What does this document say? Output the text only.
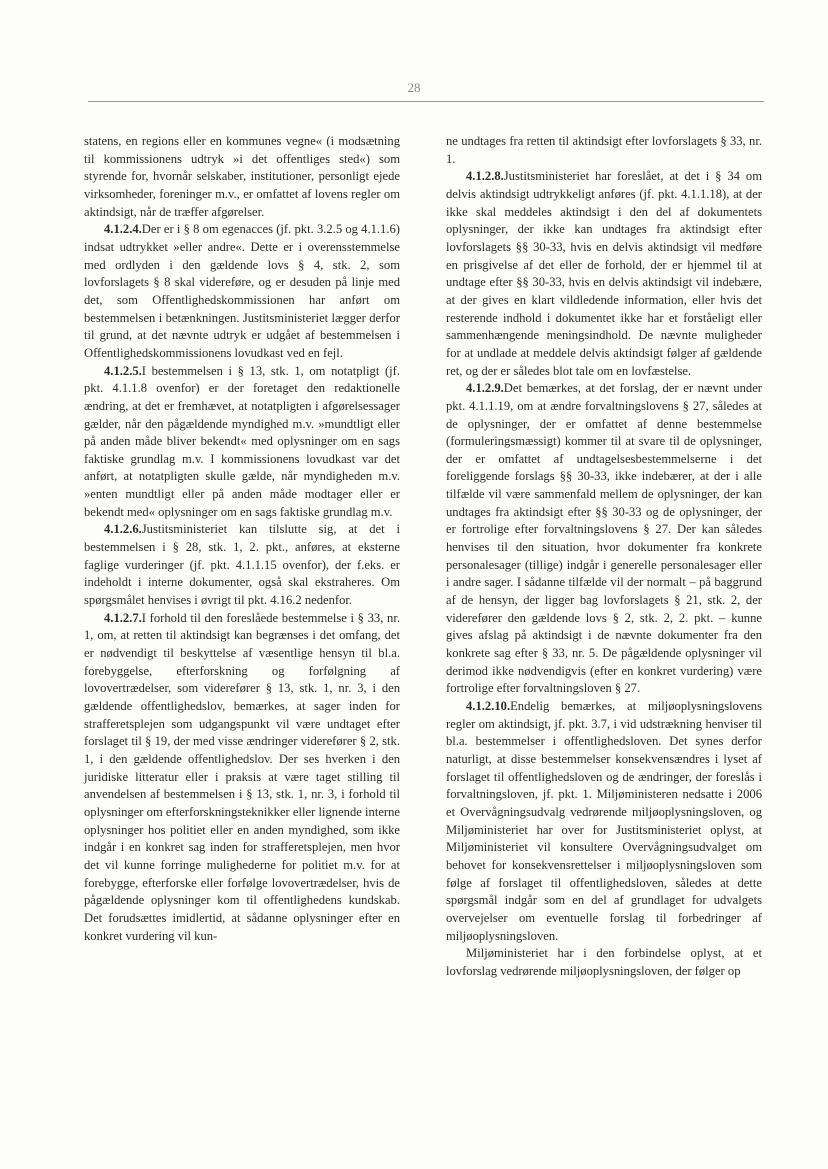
28

statens, en regions eller en kommunes vegne« (i modsætning til kommissionens udtryk »i det offentliges sted«) som styrende for, hvornår selskaber, institutioner, personligt ejede virksomheder, foreninger m.v., er omfattet af lovens regler om aktindsigt, når de træffer afgørelser.

4.1.2.4.Der er i § 8 om egenacces (jf. pkt. 3.2.5 og 4.1.1.6) indsat udtrykket »eller andre«. Dette er i overensstemmelse med ordlyden i den gældende lovs § 4, stk. 2, som lovforslagets § 8 skal videreføre, og er desuden på linje med det, som Offentlighedskommissionen har anført om bestemmelsen i betænkningen. Justitsministeriet lægger derfor til grund, at det nævnte udtryk er udgået af bestemmelsen i Offentlighedskommissionens lovudkast ved en fejl.

4.1.2.5.I bestemmelsen i § 13, stk. 1, om notatpligt (jf. pkt. 4.1.1.8 ovenfor) er der foretaget den redaktionelle ændring, at det er fremhævet, at notatpligten i afgørelsessager gælder, når den pågældende myndighed m.v. »mundtligt eller på anden måde bliver bekendt« med oplysninger om en sags faktiske grundlag m.v. I kommissionens lovudkast var det anført, at notatpligten skulle gælde, når myndigheden m.v. »enten mundtligt eller på anden måde modtager eller er bekendt med« oplysninger om en sags faktiske grundlag m.v.

4.1.2.6.Justitsministeriet kan tilslutte sig, at det i bestemmelsen i § 28, stk. 1, 2. pkt., anføres, at eksterne faglige vurderinger (jf. pkt. 4.1.1.15 ovenfor), der f.eks. er indeholdt i interne dokumenter, også skal ekstraheres. Om spørgsmålet henvises i øvrigt til pkt. 4.16.2 nedenfor.

4.1.2.7.I forhold til den foreslåede bestemmelse i § 33, nr. 1, om, at retten til aktindsigt kan begrænses i det omfang, det er nødvendigt til beskyttelse af væsentlige hensyn til bl.a. forebyggelse, efterforskning og forfølgning af lovovertrædelser, som viderefører § 13, stk. 1, nr. 3, i den gældende offentlighedslov, bemærkes, at sager inden for strafferetsplejen som udgangspunkt vil være undtaget efter forslaget til § 19, der med visse ændringer viderefører § 2, stk. 1, i den gældende offentlighedslov. Der ses hverken i den juridiske litteratur eller i praksis at være taget stilling til anvendelsen af bestemmelsen i § 13, stk. 1, nr. 3, i forhold til oplysninger om efterforskningsteknikker eller lignende interne oplysninger hos politiet eller en anden myndighed, som ikke indgår i en konkret sag inden for strafferetsplejen, men hvor det vil kunne forringe mulighederne for politiet m.v. for at forebygge, efterforske eller forfølge lovovertrædelser, hvis de pågældende oplysninger kom til offentlighedens kundskab. Det forudsættes imidlertid, at sådanne oplysninger efter en konkret vurdering vil kun-

ne undtages fra retten til aktindsigt efter lovforslagets § 33, nr. 1.

4.1.2.8.Justitsministeriet har foreslået, at det i § 34 om delvis aktindsigt udtrykkeligt anføres (jf. pkt. 4.1.1.18), at der ikke skal meddeles aktindsigt i den del af dokumentets oplysninger, der ikke kan undtages fra aktindsigt efter lovforslagets §§ 30-33, hvis en delvis aktindsigt vil medføre en prisgivelse af det eller de forhold, der er hjemmel til at undtage efter §§ 30-33, hvis en delvis aktindsigt vil indebære, at der gives en klart vildledende information, eller hvis det resterende indhold i dokumentet ikke har et forståeligt eller sammenhængende meningsindhold. De nævnte muligheder for at undlade at meddele delvis aktindsigt følger af gældende ret, og der er således blot tale om en lovfæstelse.

4.1.2.9.Det bemærkes, at det forslag, der er nævnt under pkt. 4.1.1.19, om at ændre forvaltningslovens § 27, således at de oplysninger, der er omfattet af denne bestemmelse (formuleringsmæssigt) kommer til at svare til de oplysninger, der er omfattet af undtagelsesbestemmelserne i det foreliggende forslags §§ 30-33, ikke indebærer, at der i alle tilfælde vil være sammenfald mellem de oplysninger, der kan undtages fra aktindsigt efter §§ 30-33 og de oplysninger, der er fortrolige efter forvaltningslovens § 27. Der kan således henvises til den situation, hvor dokumenter fra konkrete personalesager (tillige) indgår i generelle personalesager eller i andre sager. I sådanne tilfælde vil der normalt – på baggrund af de hensyn, der ligger bag lovforslagets § 21, stk. 2, der viderefører den gældende lovs § 2, stk. 2, 2. pkt. – kunne gives afslag på aktindsigt i de nævnte dokumenter fra den konkrete sag efter § 33, nr. 5. De pågældende oplysninger vil derimod ikke nødvendigvis (efter en konkret vurdering) være fortrolige efter forvaltningsloven § 27.

4.1.2.10.Endelig bemærkes, at miljøoplysningslovens regler om aktindsigt, jf. pkt. 3.7, i vid udstrækning henviser til bl.a. bestemmelser i offentlighedsloven. Det synes derfor naturligt, at disse bestemmelser konsekvensændres i lyset af forslaget til offentlighedsloven og de ændringer, der foreslås i forvaltningsloven, jf. pkt. 1. Miljøministeren nedsatte i 2006 et Overvågningsudvalg vedrørende miljøoplysningsloven, og Miljøministeriet har over for Justitsministeriet oplyst, at Miljøministeriet vil konsultere Overvågningsudvalget om behovet for konsekvensrettelser i miljøoplysningsloven som følge af forslaget til offentlighedsloven, således at dette spørgsmål indgår som en del af grundlaget for udvalgets overvejelser om eventuelle forslag til forbedringer af miljøoplysningsloven.

Miljøministeriet har i den forbindelse oplyst, at et lovforslag vedrørende miljøoplysningsloven, der følger op
